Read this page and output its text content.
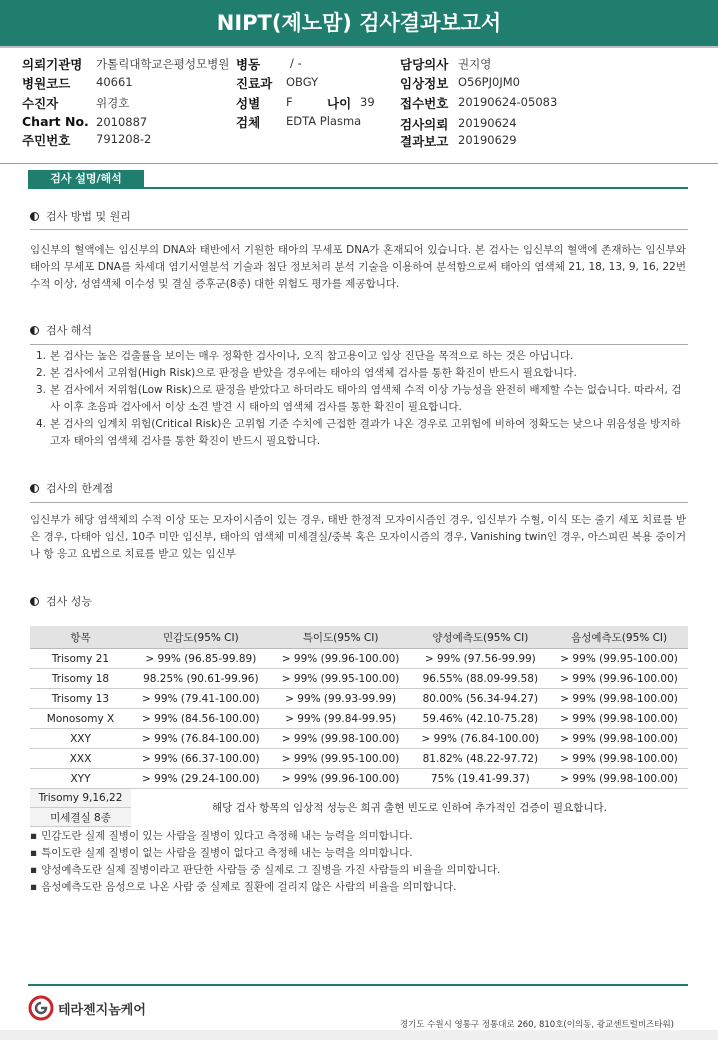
NIPT(제노맘) 검사결과보고서
의뢰기관명 가톨릭대학교은평성모병원
병원코드 40661
수진자	위경호
Chart No. 2010887
주민번호 791208-2
병동	/ -
진료과 OBGY
성별 F	나이 39
검체 EDTA Plasma
담당의사 권지영
임상정보 O56PJ0JM0
접수번호 20190624-05083
검사의뢰 20190624
결과보고 20190629
검사 설명/해석
검사 방법 및 원리
임신부의 혈액에는 임신부의 DNA와 태반에서 기원한 태아의 무세포 DNA가 혼재되어 있습니다. 본 검사는 임신부의 혈액에 존재하는 임신부와 태아의 무세포 DNA를 차세대 염기서열분석 기술과 첨단 정보처리 분석 기술을 이용하여 분석함으로써 태아의 염색체 21, 18, 13, 9, 16, 22번 수적 이상, 성염색체 이수성 및 결실 증후군(8종) 대한 위험도 평가를 제공합니다.
검사 해석
1. 본 검사는 높은 검출률을 보이는 매우 정확한 검사이나, 오직 참고용이고 임상 진단을 목적으로 하는 것은 아닙니다.
2. 본 검사에서 고위험(High Risk)으로 판정을 받았을 경우에는 태아의 염색체 검사를 통한 확진이 반드시 필요합니다.
3. 본 검사에서 저위험(Low Risk)으로 판정을 받았다고 하더라도 태아의 염색체 수적 이상 가능성을 완전히 배제할 수는 없습니다. 따라서, 검사 이후 초음파 검사에서 이상 소견 발견 시 태아의 염색체 검사를 통한 확진이 필요합니다.
4. 본 검사의 임계치 위험(Critical Risk)은 고위험 기준 수치에 근접한 결과가 나온 경우로 고위험에 비하여 정확도는 낮으나 위음성을 방지하고자 태아의 염색체 검사를 통한 확진이 반드시 필요합니다.
검사의 한계점
임신부가 해당 염색체의 수적 이상 또는 모자이시즘이 있는 경우, 태반 한정적 모자이시즘인 경우, 임신부가 수혈, 이식 또는 줄기 세포 치료를 받은 경우, 다태아 임신, 10주 미만 임신부, 태아의 염색체 미세결실/중복 혹은 모자이시즘의 경우, Vanishing twin인 경우, 아스피린 복용 중이거나 항 응고 요법으로 치료를 받고 있는 임신부
검사 성능
항목	민감도(95% CI)	특이도(95% CI)	양성예측도(95% CI)	음성예측도(95% CI)
Trisomy 21	> 99% (96.85-99.89)	> 99% (99.96-100.00)	> 99% (97.56-99.99)	> 99% (99.95-100.00)
Trisomy 18	98.25% (90.61-99.96)	> 99% (99.95-100.00)	96.55% (88.09-99.58)	> 99% (99.96-100.00)
Trisomy 13	> 99% (79.41-100.00)	> 99% (99.93-99.99)	80.00% (56.34-94.27)	> 99% (99.98-100.00)
Monosomy X	> 99% (84.56-100.00)	> 99% (99.84-99.95)	59.46% (42.10-75.28)	> 99% (99.98-100.00)
XXY	> 99% (76.84-100.00)	> 99% (99.98-100.00)	> 99% (76.84-100.00)	> 99% (99.98-100.00)
XXX	> 99% (66.37-100.00)	> 99% (99.95-100.00)	81.82% (48.22-97.72)	> 99% (99.98-100.00)
XYY	> 99% (29.24-100.00)	> 99% (99.96-100.00)	75% (19.41-99.37)	> 99% (99.98-100.00)
Trisomy 9,16,22	해당 검사 항목의 임상적 성능은 희귀 출현 빈도로 인하여 추가적인 검증이 필요합니다.			
미세결실 8종				
▪ 민감도란 실제 질병이 있는 사람을 질병이 있다고 측정해 내는 능력을 의미합니다.
▪ 특이도란 실제 질병이 없는 사람을 질병이 없다고 측정해 내는 능력을 의미합니다.
▪ 양성예측도란 실제 질병이라고 판단한 사람들 중 실제로 그 질병을 가진 사람들의 비율을 의미합니다.
▪ 음성예측도란 음성으로 나온 사람 중 실제로 질환에 걸리지 않은 사람의 비율을 의미합니다.
테라젠지놈케어
경기도 수원시 영통구 정통대로 260, 810호(이의동, 광교센트럴비즈타워)
